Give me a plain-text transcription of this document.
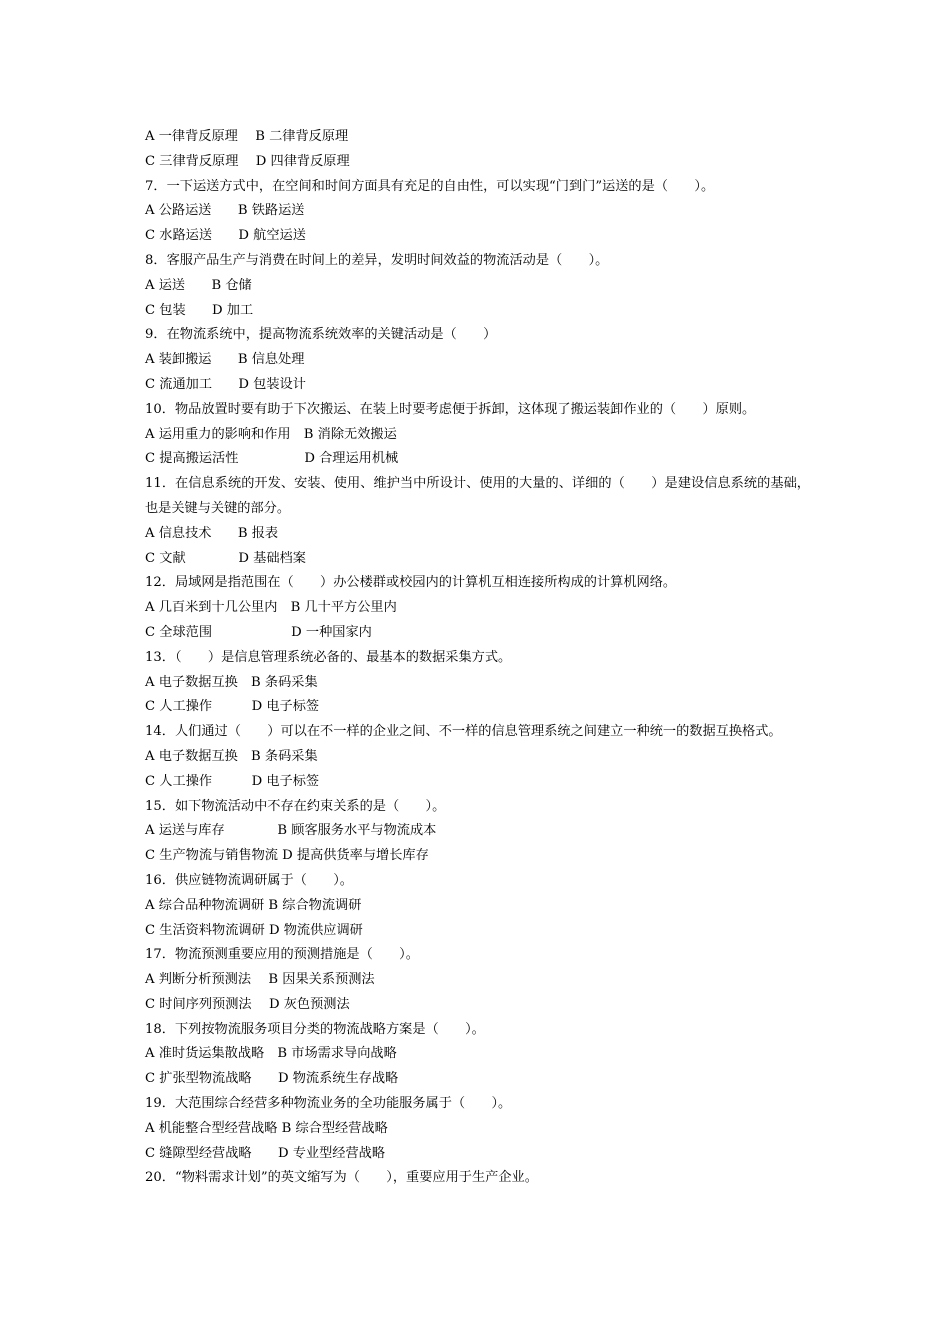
A 一律背反原理　 B 二律背反原理
C 三律背反原理　 D 四律背反原理
7．一下运送方式中，在空间和时间方面具有充足的自由性，可以实现“门到门”运送的是（　　）。
A 公路运送　　B 铁路运送
C 水路运送　　D 航空运送
8．客服产品生产与消费在时间上的差异，发明时间效益的物流活动是（　　）。
A 运送　　B 仓储
C 包装　　D 加工
9．在物流系统中，提高物流系统效率的关键活动是（　　）
A 装卸搬运　　B 信息处理
C 流通加工　　D 包装设计
10．物品放置时要有助于下次搬运、在装上时要考虑便于拆卸，这体现了搬运装卸作业的（　　）原则。
A 运用重力的影响和作用　B 消除无效搬运
C 提高搬运活性　　　　　D 合理运用机械
11．在信息系统的开发、安装、使用、维护当中所设计、使用的大量的、详细的（　　）是建设信息系统的基础，也是关键与关键的部分。
A 信息技术　　B 报表
C 文献　　　　D 基础档案
12．局域网是指范围在（　　）办公楼群或校园内的计算机互相连接所构成的计算机网络。
A 几百米到十几公里内　B 几十平方公里内
C 全球范围　　　　　　D 一种国家内
13．（　　）是信息管理系统必备的、最基本的数据采集方式。
A 电子数据互换　B 条码采集
C 人工操作　　　D 电子标签
14．人们通过（　　）可以在不一样的企业之间、不一样的信息管理系统之间建立一种统一的数据互换格式。
A 电子数据互换　B 条码采集
C 人工操作　　　D 电子标签
15．如下物流活动中不存在约束关系的是（　　）。
A 运送与库存　　　　B 顾客服务水平与物流成本
C 生产物流与销售物流 D 提高供货率与增长库存
16．供应链物流调研属于（　　）。
A 综合品种物流调研 B 综合物流调研
C 生活资料物流调研 D 物流供应调研
17．物流预测重要应用的预测措施是（　　）。
A 判断分析预测法　 B 因果关系预测法
C 时间序列预测法　 D 灰色预测法
18．下列按物流服务项目分类的物流战略方案是（　　）。
A 准时货运集散战略　B 市场需求导向战略
C 扩张型物流战略　　D 物流系统生存战略
19．大范围综合经营多种物流业务的全功能服务属于（　　）。
A 机能整合型经营战略 B 综合型经营战略
C 缝隙型经营战略　　D 专业型经营战略
20．“物料需求计划”的英文缩写为（　　），重要应用于生产企业。
